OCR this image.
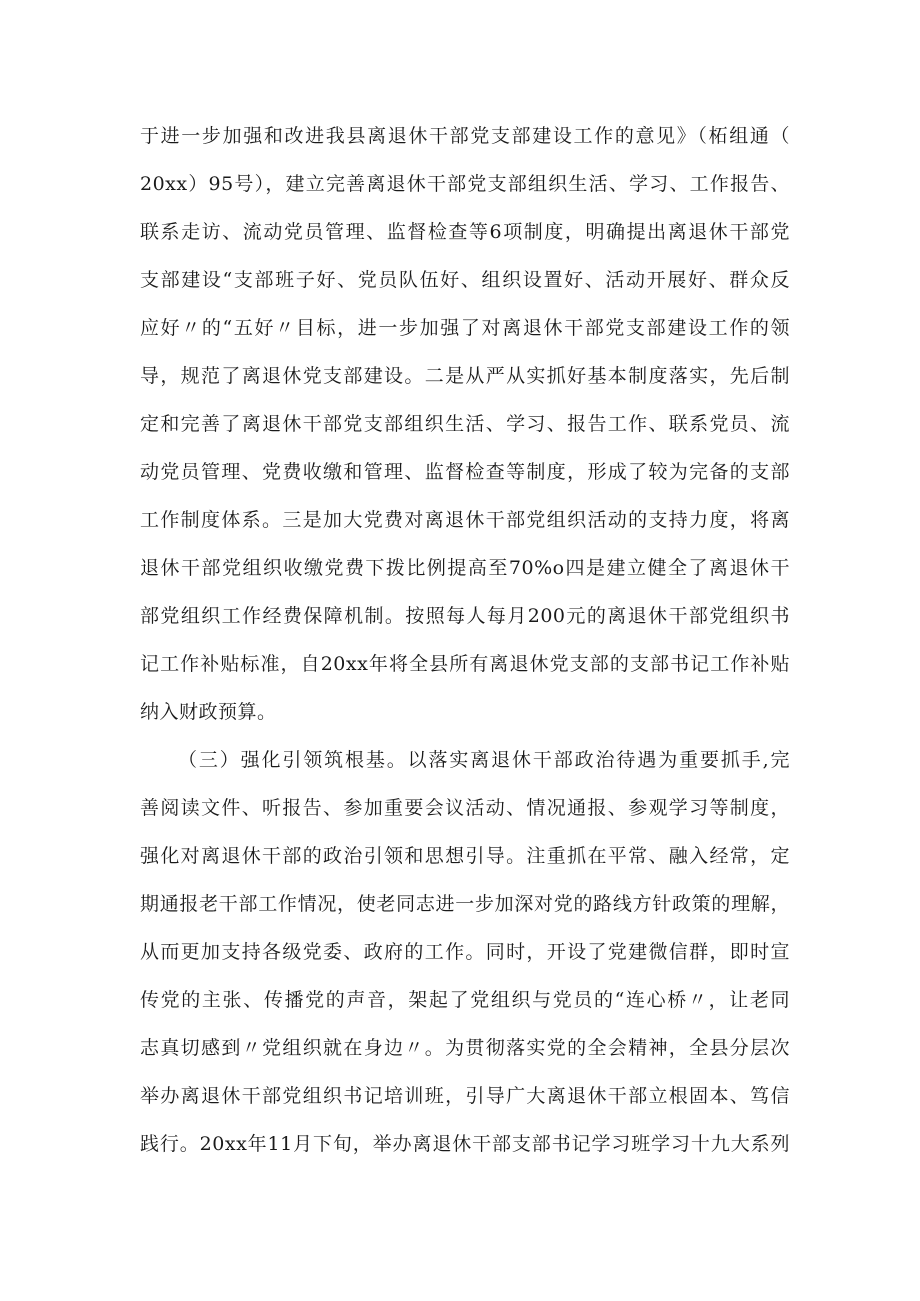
于进一步加强和改进我县离退休干部党支部建设工作的意见》（柘组通（
20xx）95号），建立完善离退休干部党支部组织生活、学习、工作报告、
联系走访、流动党员管理、监督检查等6项制度，明确提出离退休干部党
支部建设“支部班子好、党员队伍好、组织设置好、活动开展好、群众反
应好〃的“五好〃目标，进一步加强了对离退休干部党支部建设工作的领
导，规范了离退休党支部建设。二是从严从实抓好基本制度落实，先后制
定和完善了离退休干部党支部组织生活、学习、报告工作、联系党员、流
动党员管理、党费收缴和管理、监督检查等制度，形成了较为完备的支部
工作制度体系。三是加大党费对离退休干部党组织活动的支持力度，将离
退休干部党组织收缴党费下拨比例提高至70%o四是建立健全了离退休干
部党组织工作经费保障机制。按照每人每月200元的离退休干部党组织书
记工作补贴标准，自20xx年将全县所有离退休党支部的支部书记工作补贴
纳入财政预算。
（三）强化引领筑根基。以落实离退休干部政治待遇为重要抓手,完
善阅读文件、听报告、参加重要会议活动、情况通报、参观学习等制度，
强化对离退休干部的政治引领和思想引导。注重抓在平常、融入经常，定
期通报老干部工作情况，使老同志进一步加深对党的路线方针政策的理解，
从而更加支持各级党委、政府的工作。同时，开设了党建微信群，即时宣
传党的主张、传播党的声音，架起了党组织与党员的“连心桥〃，让老同
志真切感到〃党组织就在身边〃。为贯彻落实党的全会精神，全县分层次
举办离退休干部党组织书记培训班，引导广大离退休干部立根固本、笃信
践行。20xx年11月下旬，举办离退休干部支部书记学习班学习十九大系列
